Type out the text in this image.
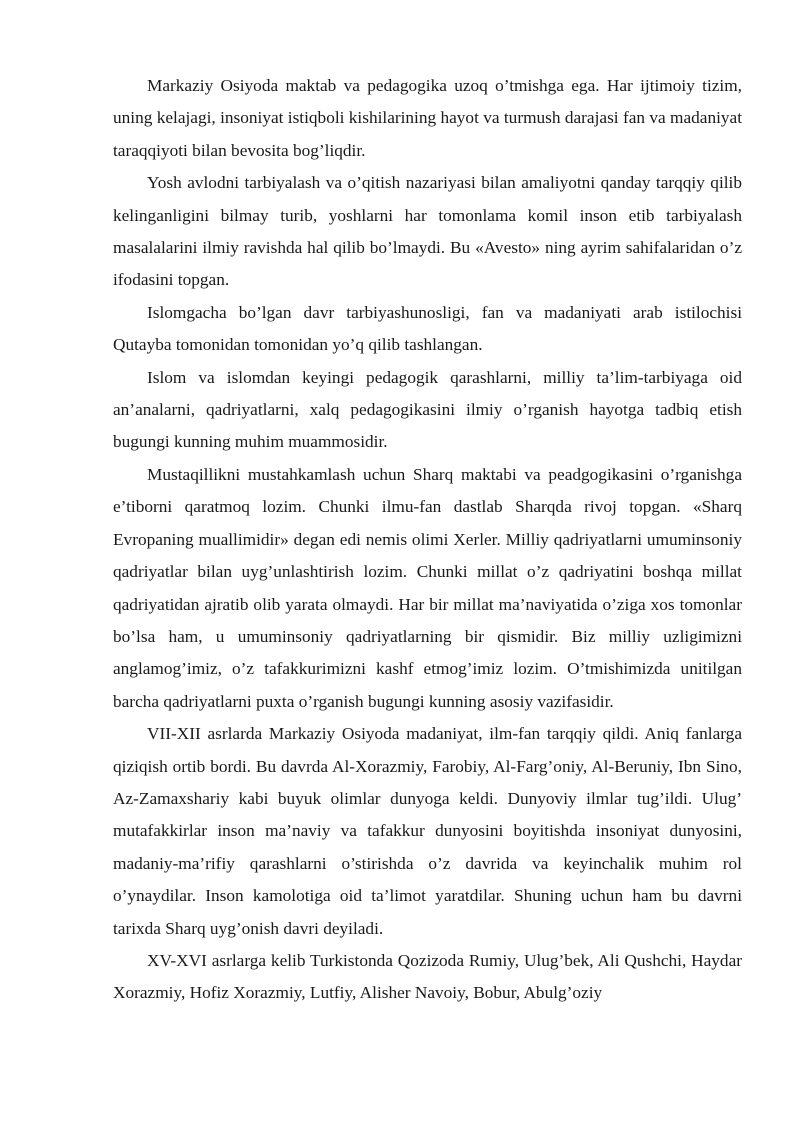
Markaziy Osiyoda maktab va pedagogika uzoq o’tmishga ega. Har ijtimoiy tizim, uning kelajagi, insoniyat istiqboli kishilarining hayot va turmush darajasi fan va madaniyat taraqqiyoti bilan bevosita bog’liqdir.

Yosh avlodni tarbiyalash va o’qitish nazariyasi bilan amaliyotni qanday tarqqiy qilib kelinganligini bilmay turib, yoshlarni har tomonlama komil inson etib tarbiyalash masalalarini ilmiy ravishda hal qilib bo’lmaydi. Bu «Avesto» ning ayrim sahifalaridan o’z ifodasini topgan.

Islomgacha bo’lgan davr tarbiyashunosligi, fan va madaniyati arab istilochisi Qutayba tomonidan tomonidan yo’q qilib tashlangan.

Islom va islomdan keyingi pedagogik qarashlarni, milliy ta’lim-tarbiyaga oid an’analarni, qadriyatlarni, xalq pedagogikasini ilmiy o’rganish hayotga tadbiq etish bugungi kunning muhim muammosidir.

Mustaqillikni mustahkamlash uchun Sharq maktabi va peadgogikasini o’rganishga e’tiborni qaratmoq lozim. Chunki ilmu-fan dastlab Sharqda rivoj topgan. «Sharq Evropaning muallimidir» degan edi nemis olimi Xerler. Milliy qadriyatlarni umuminsoniy qadriyatlar bilan uyg’unlashtirish lozim. Chunki millat o’z qadriyatini boshqa millat qadriyatidan ajratib olib yarata olmaydi. Har bir millat ma’naviyatida o’ziga xos tomonlar bo’lsa ham, u umuminsoniy qadriyatlarning bir qismidir. Biz milliy uzligimizni anglamog’imiz, o’z tafakkurimizni kashf etmog’imiz lozim. O’tmishimizda unitilgan barcha qadriyatlarni puxta o’rganish bugungi kunning asosiy vazifasidir.

VII-XII asrlarda Markaziy Osiyoda madaniyat, ilm-fan tarqqiy qildi. Aniq fanlarga qiziqish ortib bordi. Bu davrda Al-Xorazmiy, Farobiy, Al-Farg’oniy, Al-Beruniy, Ibn Sino, Az-Zamaxshariy kabi buyuk olimlar dunyoga keldi. Dunyoviy ilmlar tug’ildi. Ulug’ mutafakkirlar inson ma’naviy va tafakkur dunyosini boyitishda insoniyat dunyosini, madaniy-ma’rifiy qarashlarni o’stirishda o’z davrida va keyinchalik muhim rol o’ynaydilar. Inson kamolotiga oid ta’limot yaratdilar. Shuning uchun ham bu davrni tarixda Sharq uyg’onish davri deyiladi.

XV-XVI asrlarga kelib Turkistonda Qozizoda Rumiy, Ulug’bek, Ali Qushchi, Haydar Xorazmiy, Hofiz Xorazmiy, Lutfiy, Alisher Navoiy, Bobur, Abulg’oziy
